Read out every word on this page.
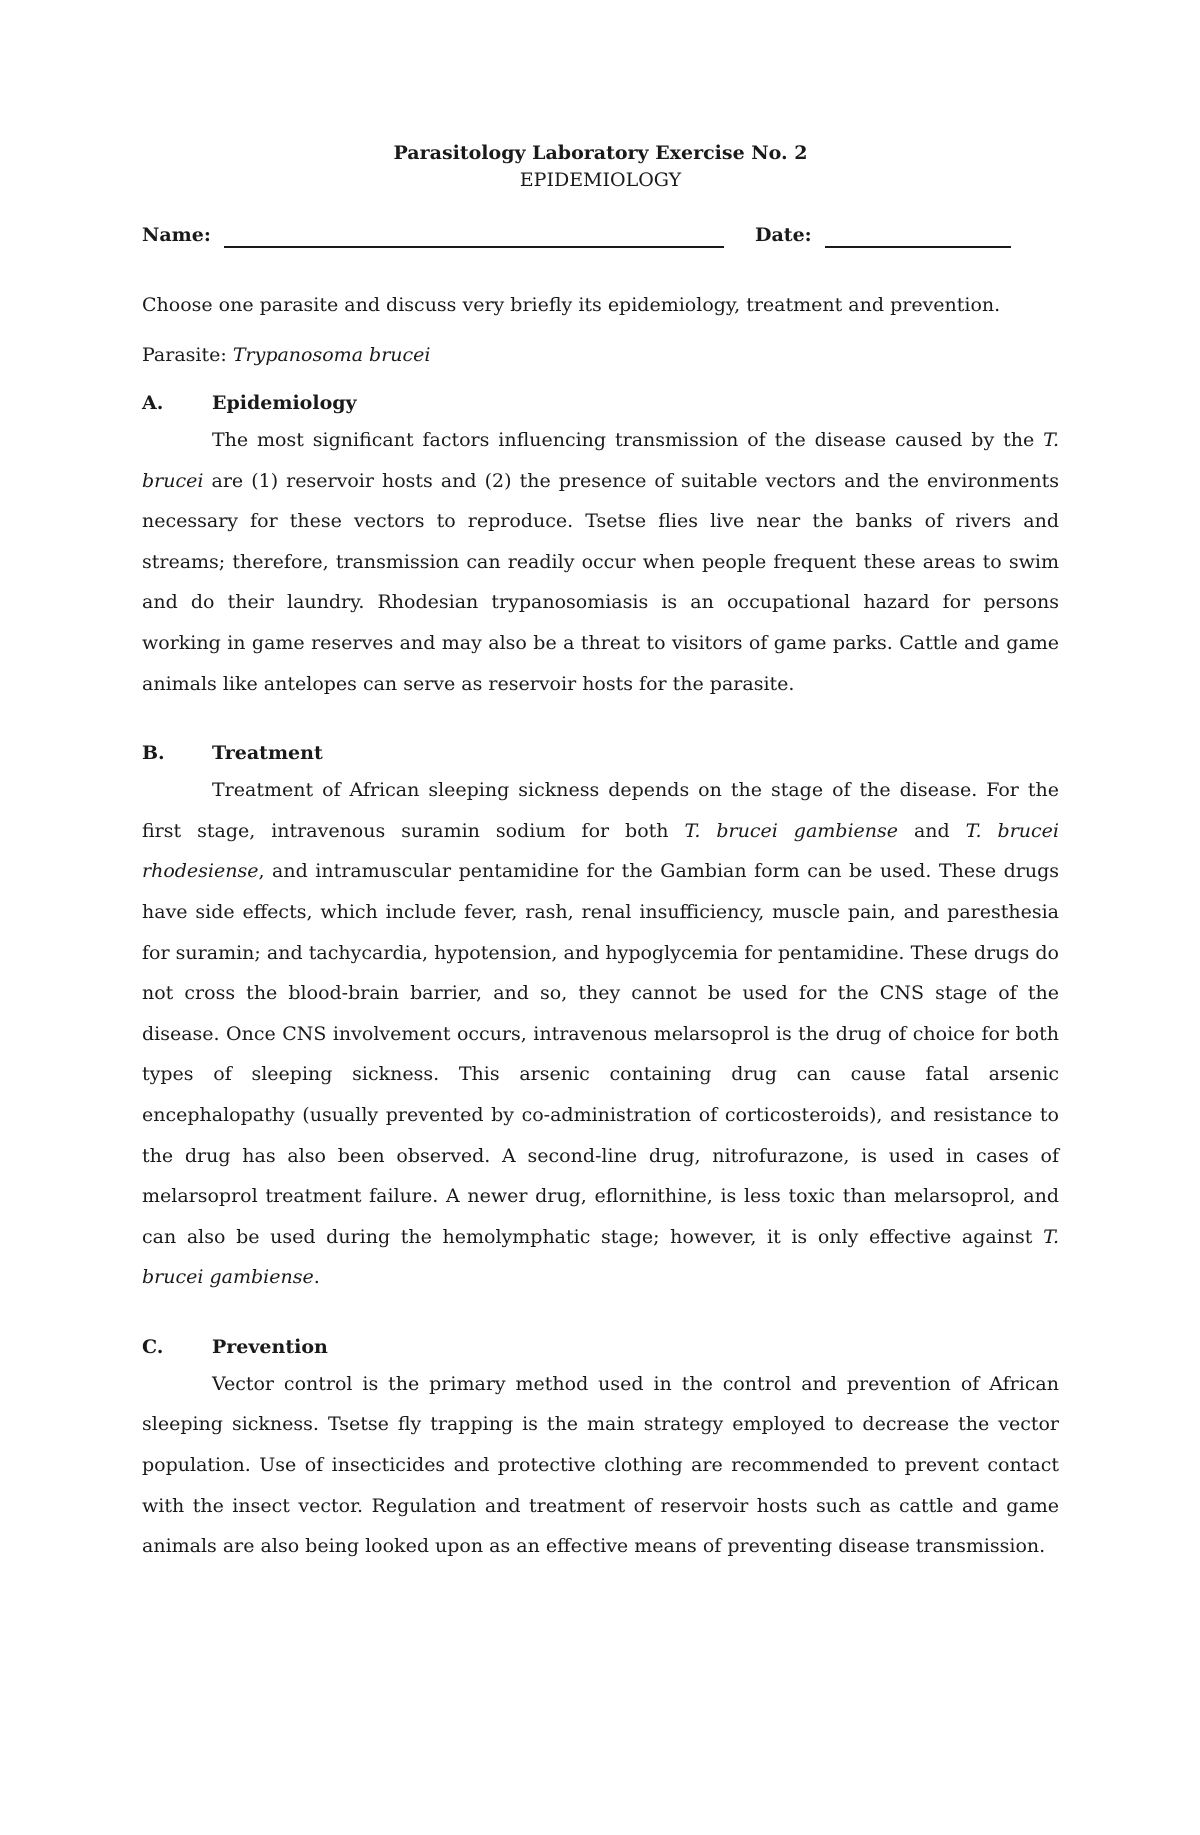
Parasitology Laboratory Exercise No. 2
EPIDEMIOLOGY
Name:	Date:
Choose one parasite and discuss very briefly its epidemiology, treatment and prevention.
Parasite: Trypanosoma brucei
A.	Epidemiology

The most significant factors influencing transmission of the disease caused by the T. brucei are (1) reservoir hosts and (2) the presence of suitable vectors and the environments necessary for these vectors to reproduce. Tsetse flies live near the banks of rivers and streams; therefore, transmission can readily occur when people frequent these areas to swim and do their laundry. Rhodesian trypanosomiasis is an occupational hazard for persons working in game reserves and may also be a threat to visitors of game parks. Cattle and game animals like antelopes can serve as reservoir hosts for the parasite.

B. Treatment

Treatment of African sleeping sickness depends on the stage of the disease. For the first stage, intravenous suramin sodium for both T. brucei gambiense and T. brucei rhodesiense, and intramuscular pentamidine for the Gambian form can be used. These drugs have side effects, which include fever, rash, renal insufficiency, muscle pain, and paresthesia for suramin; and tachycardia, hypotension, and hypoglycemia for pentamidine. These drugs do not cross the blood-brain barrier, and so, they cannot be used for the CNS stage of the disease. Once CNS involvement occurs, intravenous melarsoprol is the drug of choice for both types of sleeping sickness. This arsenic containing drug can cause fatal arsenic encephalopathy (usually prevented by co-administration of corticosteroids), and resistance to the drug has also been observed. A second-line drug, nitrofurazone, is used in cases of melarsoprol treatment failure. A newer drug, eflornithine, is less toxic than melarsoprol, and can also be used during the hemolymphatic stage; however, it is only effective against T. brucei gambiense.

C.	Prevention

Vector control is the primary method used in the control and prevention of African sleeping sickness. Tsetse fly trapping is the main strategy employed to decrease the vector population. Use of insecticides and protective clothing are recommended to prevent contact with the insect vector. Regulation and treatment of reservoir hosts such as cattle and game animals are also being looked upon as an effective means of preventing disease transmission.
